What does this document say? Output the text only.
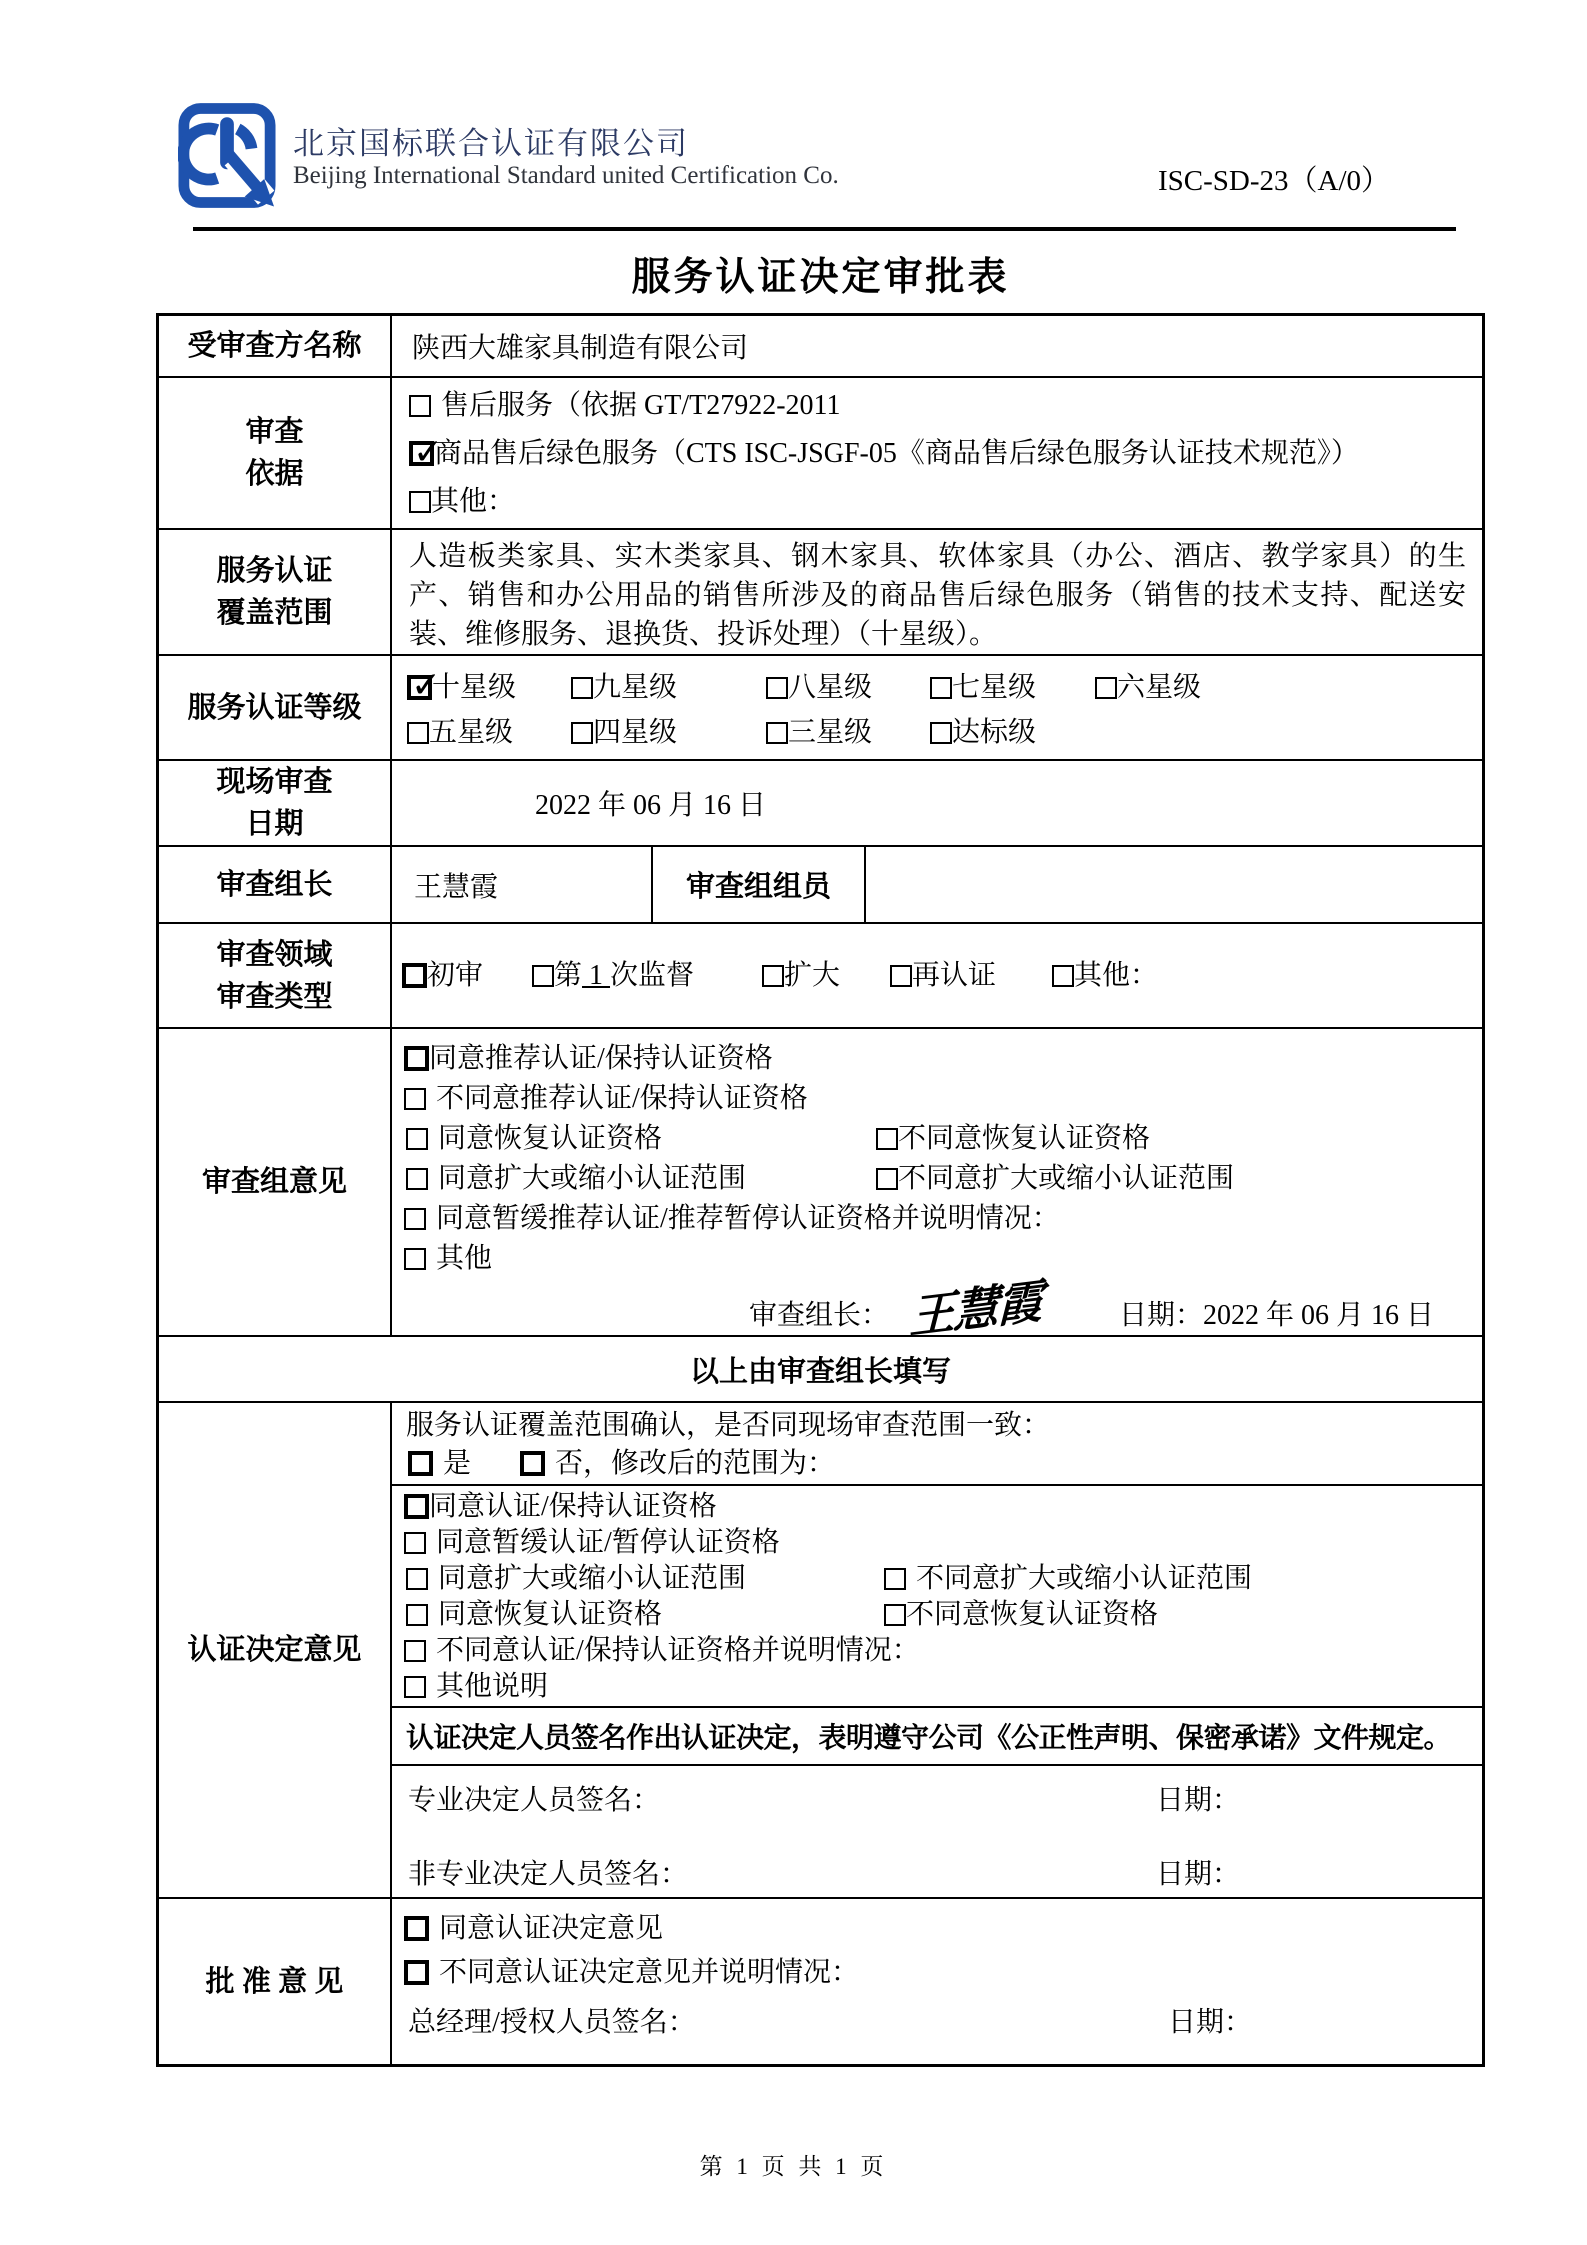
北京国标联合认证有限公司
Beijing International Standard united Certification Co.	ISC-SD-23（A/0）
服务认证决定审批表
受审查方名称 陕西大雄家具制造有限公司
审查
依据
售后服务（依据 GT/T27922-2011
✓商品售后绿色服务（CTS ISC-JSGF-05《商品售后绿色服务认证技术规范》）
其他：
服务认证
覆盖范围
人造板类家具、实木类家具、钢木家具、软体家具（办公、酒店、教学家具）的生产、销售和办公用品的销售所涉及的商品售后绿色服务（销售的技术支持、配送安装、维修服务、退换货、投诉处理）（十星级）。
服务认证等级
✓十星级	九星级	八星级	七星级	六星级
五星级	四星级	三星级	达标级
现场审查
日期
2022 年 06 月 16 日
审查组长	王慧霞	审查组组员
审查领域
审查类型
初审	第 1 次监督	扩大	再认证	其他：
审查组意见
同意推荐认证/保持认证资格
不同意推荐认证/保持认证资格
同意恢复认证资格	不同意恢复认证资格
同意扩大或缩小认证范围	不同意扩大或缩小认证范围
同意暂缓推荐认证/推荐暂停认证资格并说明情况：
其他
审查组长： 王慧霞	日期：2022 年 06 月 16 日
以上由审查组长填写
认证决定意见
服务认证覆盖范围确认，是否同现场审查范围一致：
是	否，修改后的范围为：
同意认证/保持认证资格
同意暂缓认证/暂停认证资格
同意扩大或缩小认证范围	不同意扩大或缩小认证范围
同意恢复认证资格	不同意恢复认证资格
不同意认证/保持认证资格并说明情况：
其他说明
认证决定人员签名作出认证决定，表明遵守公司《公正性声明、保密承诺》文件规定。
专业决定人员签名：	日期：
非专业决定人员签名：	日期：
批 准 意 见
同意认证决定意见
不同意认证决定意见并说明情况：
总经理/授权人员签名：	日期：
第 1 页 共 1 页
